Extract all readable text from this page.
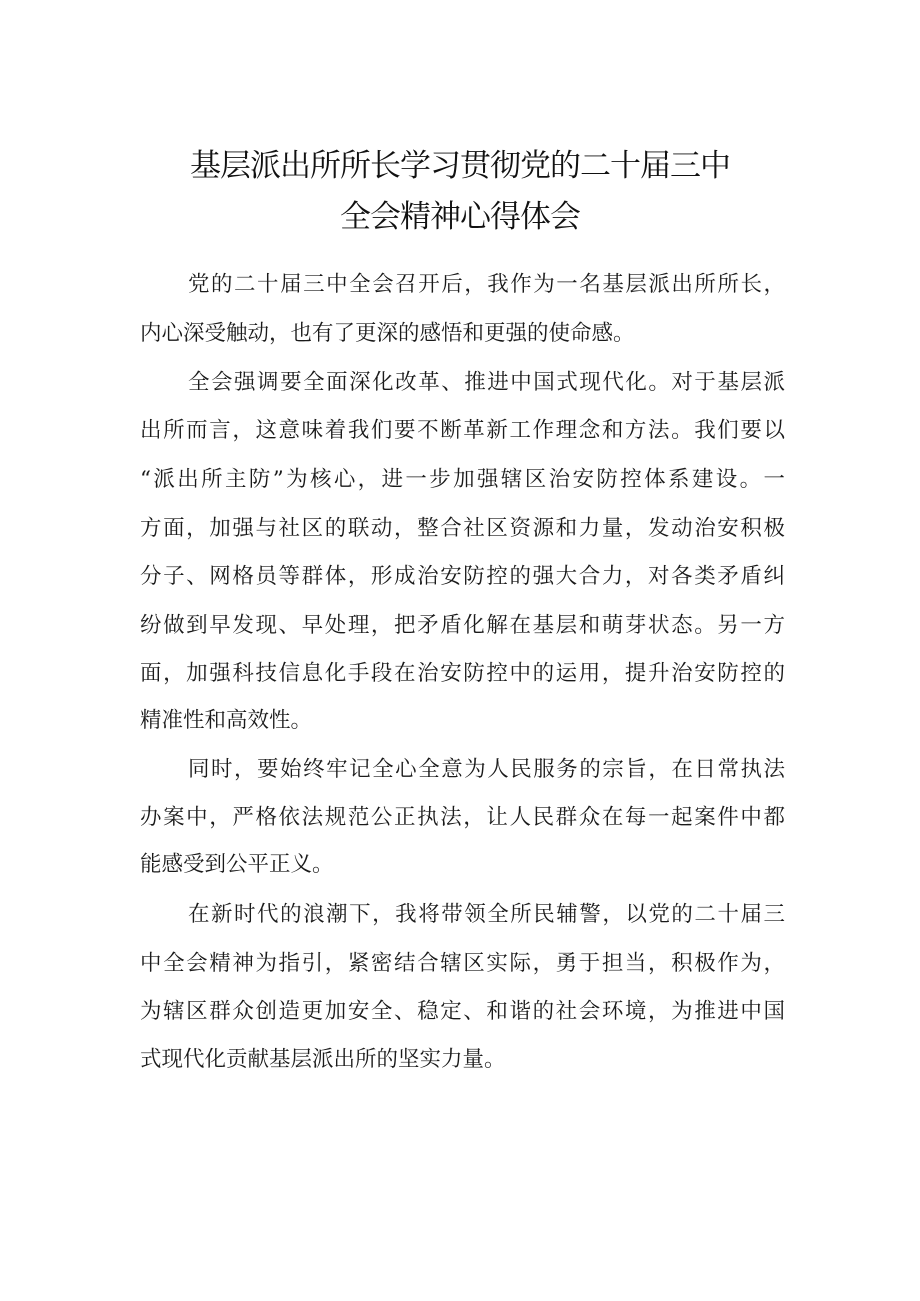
基层派出所所长学习贯彻党的二十届三中
全会精神心得体会
党的二十届三中全会召开后，我作为一名基层派出所所长，
内心深受触动，也有了更深的感悟和更强的使命感。
全会强调要全面深化改革、推进中国式现代化。对于基层派
出所而言，这意味着我们要不断革新工作理念和方法。我们要以
“派出所主防”为核心，进一步加强辖区治安防控体系建设。一
方面，加强与社区的联动，整合社区资源和力量，发动治安积极
分子、网格员等群体，形成治安防控的强大合力，对各类矛盾纠
纷做到早发现、早处理，把矛盾化解在基层和萌芽状态。另一方
面，加强科技信息化手段在治安防控中的运用，提升治安防控的
精准性和高效性。
同时，要始终牢记全心全意为人民服务的宗旨，在日常执法
办案中，严格依法规范公正执法，让人民群众在每一起案件中都
能感受到公平正义。
在新时代的浪潮下，我将带领全所民辅警，以党的二十届三
中全会精神为指引，紧密结合辖区实际，勇于担当，积极作为，
为辖区群众创造更加安全、稳定、和谐的社会环境，为推进中国
式现代化贡献基层派出所的坚实力量。
